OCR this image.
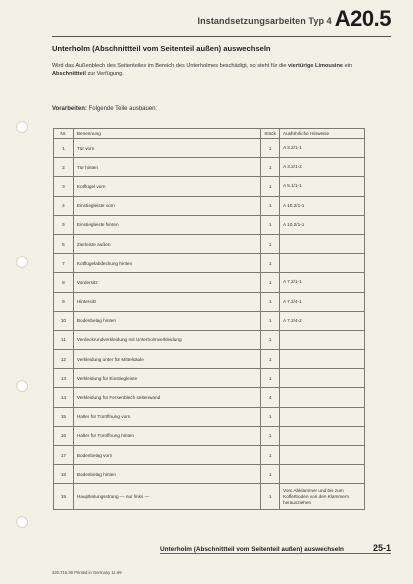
Instandsetzungsarbeiten Typ 4 A20.5
Unterholm (Abschnittteil vom Seitenteil außen) auswechseln
Wird das Außenblech des Seitenteiles im Bereich des Unterholmes beschädigt, so steht für die viertürige Limousine ein Abschnittteil zur Verfügung.
Vorarbeiten: Folgende Teile ausbauen:
Nr.	Benennung	Stück	Ausführliche Hinweise
1	Tür vorn	1	A 3.2/1-1
2	Tür hinten	1	A 3.2/1-2
3	Kotflügel vorn	1	A 5.1/1-1
4	Einstiegleiste vorn	1	A 10.2/1-1
5	Einstiegleiste hinten	1	A 10.2/1-1
6	Zierleiste außen	1	
7	Kotflügelabdeckung hinten	1	
8	Vordersitz	1	A 7.2/1-1
9	Hintersitz	1	A 7.2/4-1
10	Bodenbelag hinten	1	A 7.2/4-2
11	Verdeckrundverkleidung mit Unterholmverkleidung	1	
12	Verkleidung unter für Mittelsäule	1	
13	Verkleidung für Einstiegleiste	1	
14	Verkleidung für Fersenblech seitenwand	4	
15	Halter für Türöffnung vorn	1	
16	Halter für Türöffnung hinten	1	
17	Bodenbelag vorn	1	
18	Bodenbelag hinten	1	
19	Hauptleitungsstrang — nur links —	1	Vom Abklammer und bis zum Kofferboden von den Klammern herausziehen
Unterholm (Abschnittteil vom Seitenteil außen) auswechseln	25-1
320.715.36 Printed in Germany 11.69
